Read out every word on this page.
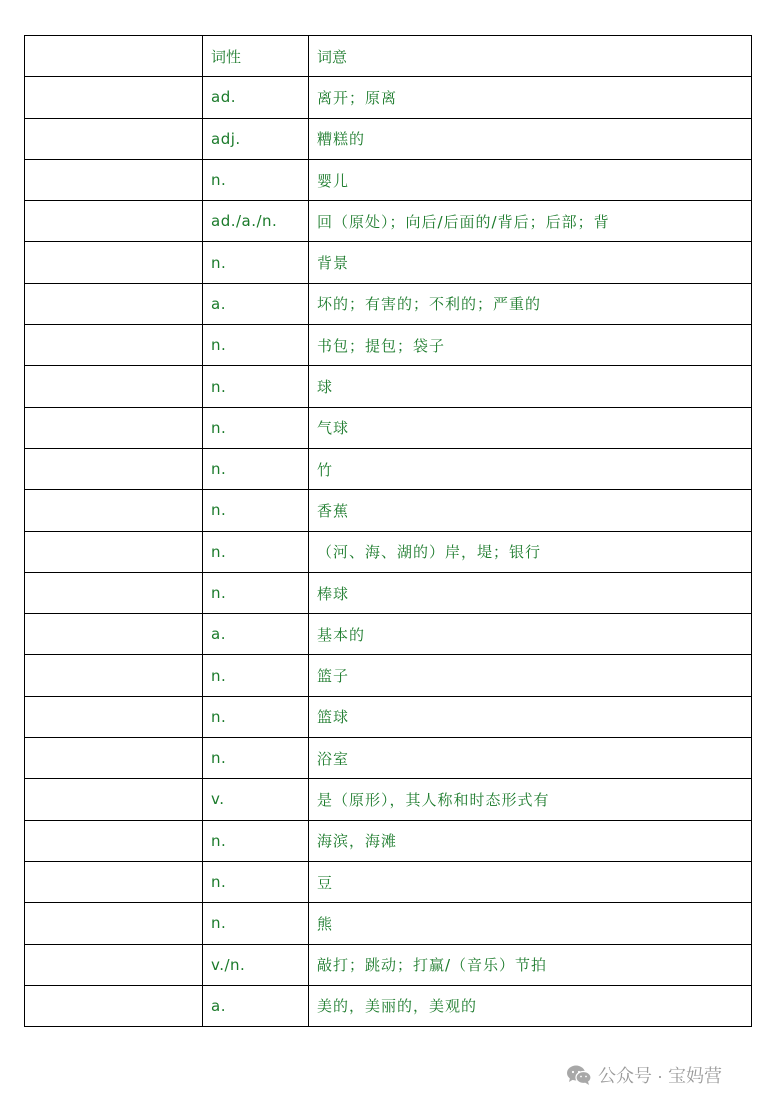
	词性	词意
	ad.	离开；原离
	adj.	糟糕的
	n.	婴儿
	ad./a./n.	回（原处）；向后/后面的/背后；后部；背
	n.	背景
	a.	坏的；有害的；不利的；严重的
	n.	书包；提包；袋子
	n.	球
	n.	气球
	n.	竹
	n.	香蕉
	n.	（河、海、湖的）岸，堤；银行
	n.	棒球
	a.	基本的
	n.	篮子
	n.	篮球
	n.	浴室
	v.	是（原形），其人称和时态形式有
	n.	海滨，海滩
	n.	豆
	n.	熊
	v./n.	敲打；跳动；打赢/（音乐）节拍
	a.	美的，美丽的，美观的
公众号 · 宝妈营
